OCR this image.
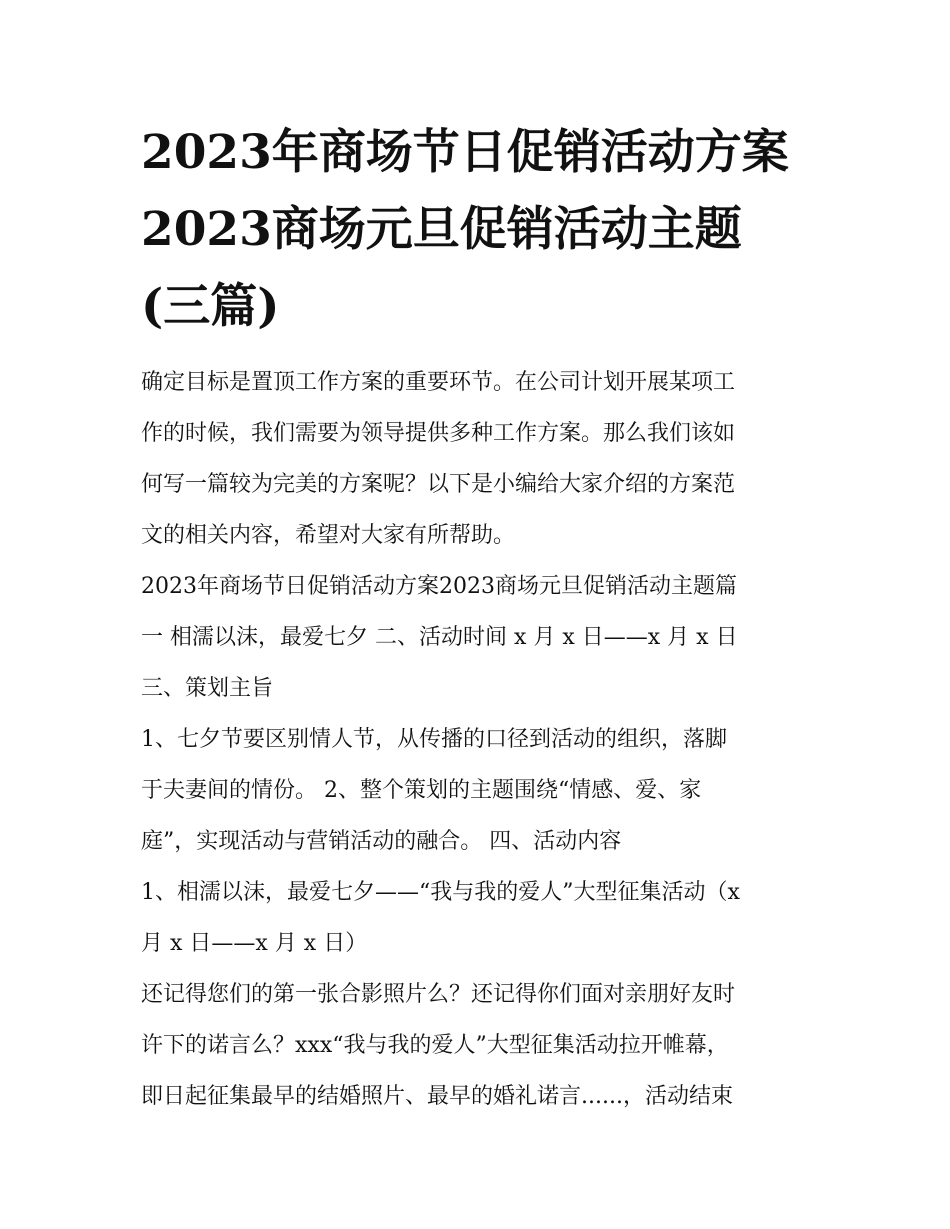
2023年商场节日促销活动方案
2023商场元旦促销活动主题
(三篇)

确定目标是置顶工作方案的重要环节。在公司计划开展某项工
作的时候，我们需要为领导提供多种工作方案。那么我们该如
何写一篇较为完美的方案呢？以下是小编给大家介绍的方案范
文的相关内容，希望对大家有所帮助。

2023年商场节日促销活动方案2023商场元旦促销活动主题篇
一 相濡以沫，最爱七夕 二、活动时间 x 月 x 日——x 月 x 日
三、策划主旨

1、七夕节要区别情人节，从传播的口径到活动的组织，落脚
于夫妻间的情份。 2、整个策划的主题围绕“情感、爱、家
庭”，实现活动与营销活动的融合。 四、活动内容

1、相濡以沫，最爱七夕——“我与我的爱人”大型征集活动（x
月 x 日——x 月 x 日）

还记得您们的第一张合影照片么？还记得你们面对亲朋好友时
许下的诺言么？xxx“我与我的爱人”大型征集活动拉开帷幕，
即日起征集最早的结婚照片、最早的婚礼诺言......，活动结束
